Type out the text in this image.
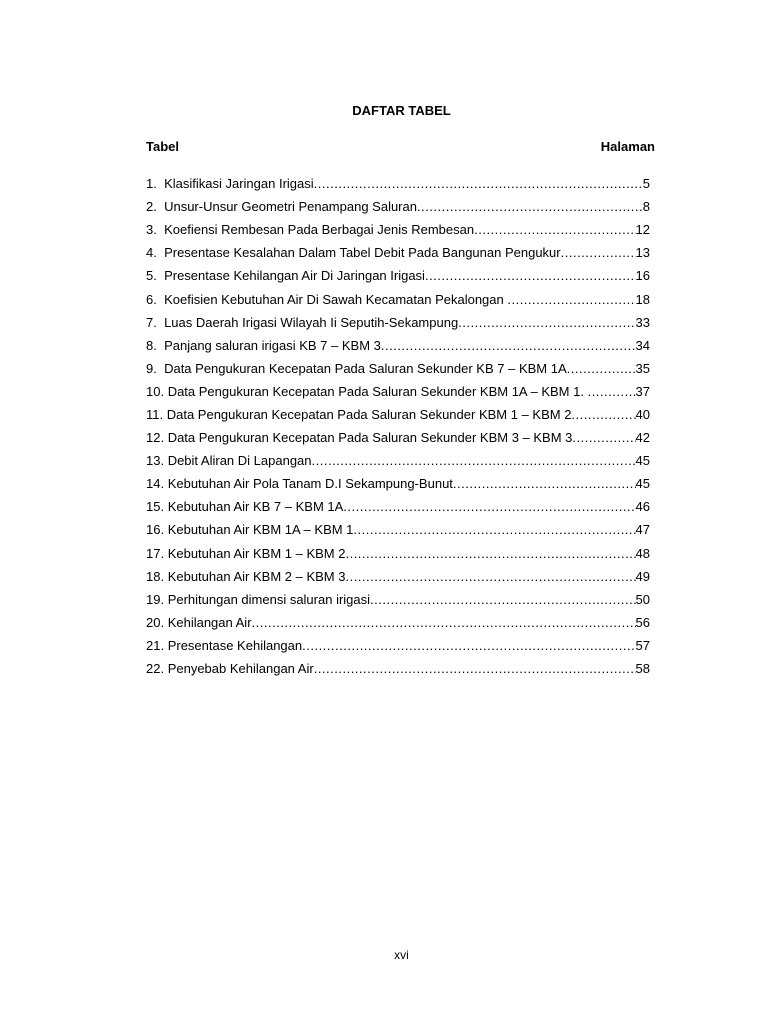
DAFTAR TABEL
Tabel	Halaman
1. Klasifikasi Jaringan Irigasi .....	5
2. Unsur-Unsur Geometri Penampang Saluran .....	8
3. Koefiensi Rembesan Pada Berbagai Jenis Rembesan .....	12
4. Presentase Kesalahan Dalam Tabel Debit Pada Bangunan Pengukur .....	13
5. Presentase Kehilangan Air Di Jaringan Irigasi .....	16
6. Koefisien Kebutuhan Air Di Sawah Kecamatan Pekalongan .....	18
7. Luas Daerah Irigasi Wilayah Ii Seputih-Sekampung .....	33
8. Panjang saluran irigasi KB 7 – KBM 3 .....	34
9. Data Pengukuran Kecepatan Pada Saluran Sekunder KB 7 – KBM 1A .....	35
10. Data Pengukuran Kecepatan Pada Saluran Sekunder KBM 1A – KBM 1. .....	37
11. Data Pengukuran Kecepatan Pada Saluran Sekunder KBM 1 – KBM 2 .....	40
12. Data Pengukuran Kecepatan Pada Saluran Sekunder KBM 3 – KBM 3 .....	42
13. Debit Aliran Di Lapangan .....	45
14. Kebutuhan Air Pola Tanam D.I Sekampung-Bunut .....	45
15. Kebutuhan Air KB 7 – KBM 1A .....	46
16. Kebutuhan Air KBM 1A – KBM 1 .....	47
17. Kebutuhan Air KBM 1 – KBM 2 .....	48
18. Kebutuhan Air KBM 2 – KBM 3 .....	49
19. Perhitungan dimensi saluran irigasi .....	50
20. Kehilangan Air .....	56
21. Presentase Kehilangan .....	57
22. Penyebab Kehilangan Air .....	58
xvi
